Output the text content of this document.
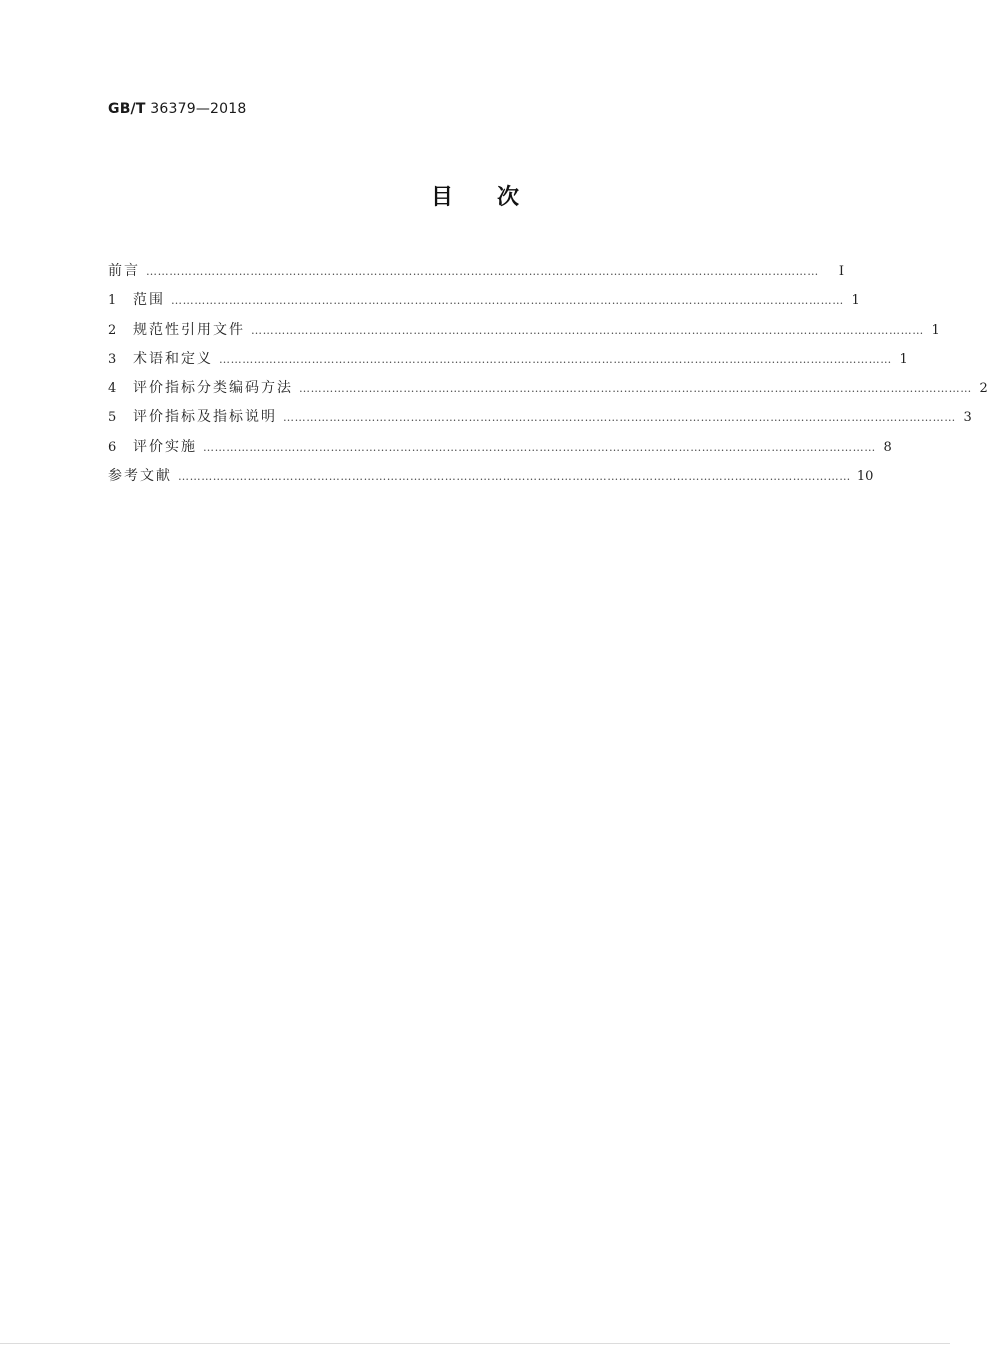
GB/T 36379—2018
目次
前言 …………………………………………………………………………………………………………………………………………………………	Ⅰ
1	范围 ………………………………………………………………………………………………………………………………………………………… 1
2	规范性引用文件 ………………………………………………………………………………………………………………………………………………………… 1
3	术语和定义 ………………………………………………………………………………………………………………………………………………………… 1
4	评价指标分类编码方法 ………………………………………………………………………………………………………………………………………………………… 2
5	评价指标及指标说明 ………………………………………………………………………………………………………………………………………………………… 3
6	评价实施 ………………………………………………………………………………………………………………………………………………………… 8
参考文献 ………………………………………………………………………………………………………………………………………………………… 10
